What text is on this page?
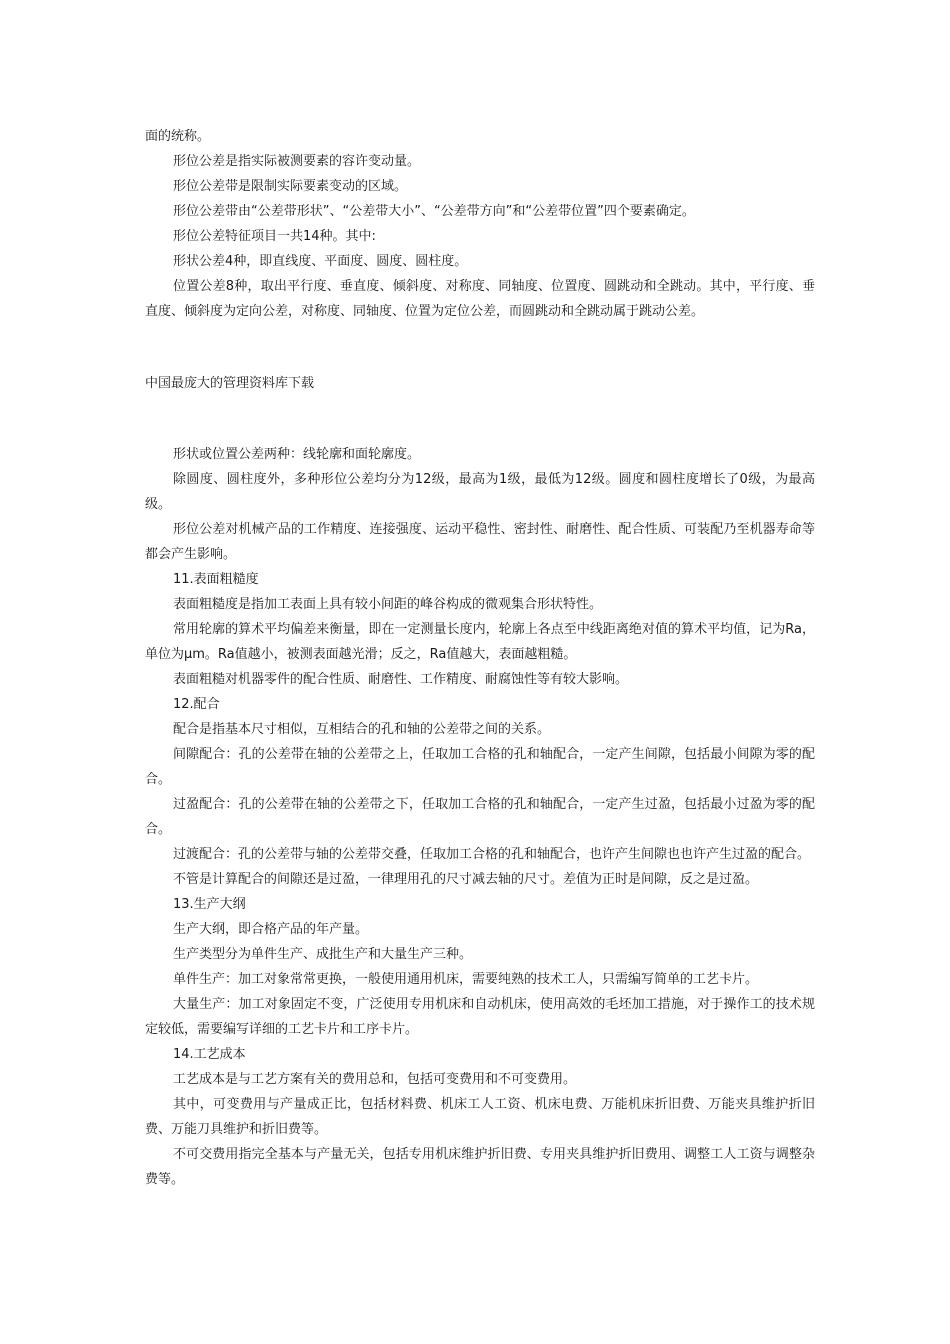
面的统称。

形位公差是指实际被测要素的容许变动量。

形位公差带是限制实际要素变动的区域。

形位公差带由“公差带形状”、“公差带大小”、“公差带方向”和“公差带位置”四个要素确定。

形位公差特征项目一共14种。其中:

形状公差4种，即直线度、平面度、圆度、圆柱度。

位置公差8种，取出平行度、垂直度、倾斜度、对称度、同轴度、位置度、圆跳动和全跳动。其中，平行度、垂直度、倾斜度为定向公差，对称度、同轴度、位置为定位公差，而圆跳动和全跳动属于跳动公差。

中国最庞大的管理资料库下载

形状或位置公差两种：线轮廓和面轮廓度。

除圆度、圆柱度外，多种形位公差均分为12级，最高为1级，最低为12级。圆度和圆柱度增长了0级，为最高级。

形位公差对机械产品的工作精度、连接强度、运动平稳性、密封性、耐磨性、配合性质、可装配乃至机器寿命等都会产生影响。

11.表面粗糙度

表面粗糙度是指加工表面上具有较小间距的峰谷构成的微观集合形状特性。

常用轮廓的算术平均偏差来衡量，即在一定测量长度内，轮廓上各点至中线距离绝对值的算术平均值，记为Ra，单位为μm。Ra值越小，被测表面越光滑；反之，Ra值越大，表面越粗糙。

表面粗糙对机器零件的配合性质、耐磨性、工作精度、耐腐蚀性等有较大影响。

12.配合

配合是指基本尺寸相似，互相结合的孔和轴的公差带之间的关系。

间隙配合：孔的公差带在轴的公差带之上，任取加工合格的孔和轴配合，一定产生间隙，包括最小间隙为零的配合。

过盈配合：孔的公差带在轴的公差带之下，任取加工合格的孔和轴配合，一定产生过盈，包括最小过盈为零的配合。

过渡配合：孔的公差带与轴的公差带交叠，任取加工合格的孔和轴配合，也许产生间隙也也许产生过盈的配合。

不管是计算配合的间隙还是过盈，一律理用孔的尺寸减去轴的尺寸。差值为正时是间隙，反之是过盈。

13.生产大纲

生产大纲，即合格产品的年产量。

生产类型分为单件生产、成批生产和大量生产三种。

单件生产：加工对象常常更换，一般使用通用机床，需要纯熟的技术工人，只需编写简单的工艺卡片。

大量生产：加工对象固定不变，广泛使用专用机床和自动机床，使用高效的毛坯加工措施，对于操作工的技术规定较低，需要编写详细的工艺卡片和工序卡片。

14.工艺成本

工艺成本是与工艺方案有关的费用总和，包括可变费用和不可变费用。

其中，可变费用与产量成正比，包括材料费、机床工人工资、机床电费、万能机床折旧费、万能夹具维护折旧费、万能刀具维护和折旧费等。

不可交费用指完全基本与产量无关，包括专用机床维护折旧费、专用夹具维护折旧费用、调整工人工资与调整杂费等。
